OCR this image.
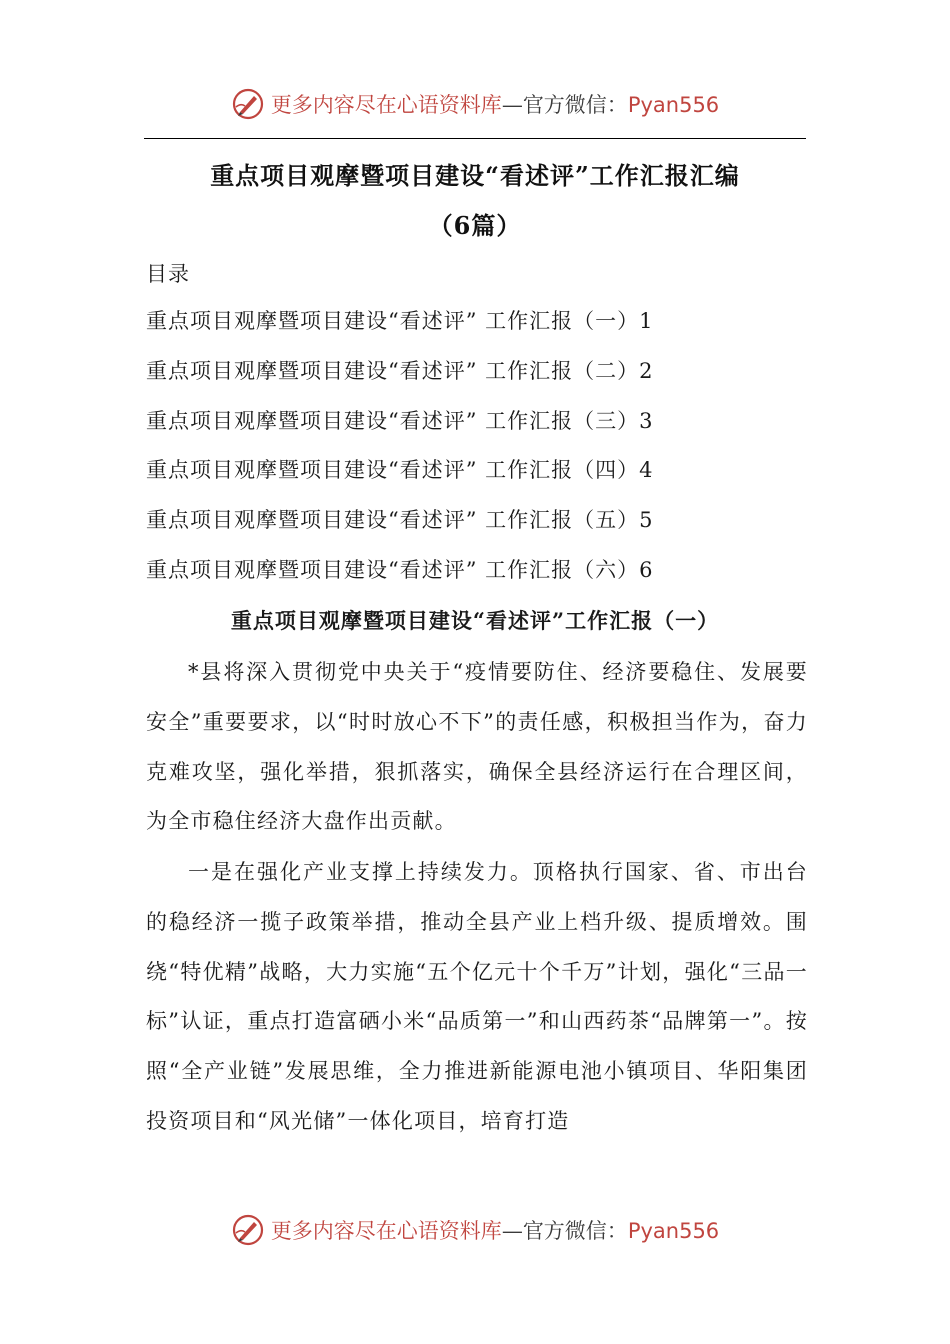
更多内容尽在心语资料库—官方微信：Pyan556
重点项目观摩暨项目建设“看述评”工作汇报汇编
（6篇）
目录
重点项目观摩暨项目建设“看述评” 工作汇报（一）1
重点项目观摩暨项目建设“看述评” 工作汇报（二）2
重点项目观摩暨项目建设“看述评” 工作汇报（三）3
重点项目观摩暨项目建设“看述评” 工作汇报（四）4
重点项目观摩暨项目建设“看述评” 工作汇报（五）5
重点项目观摩暨项目建设“看述评” 工作汇报（六）6
重点项目观摩暨项目建设“看述评”工作汇报（一）

*县将深入贯彻党中央关于“疫情要防住、经济要稳住、发展要安全”重要要求，以“时时放心不下”的责任感，积极担当作为，奋力克难攻坚，强化举措，狠抓落实，确保全县经济运行在合理区间，为全市稳住经济大盘作出贡献。

一是在强化产业支撑上持续发力。顶格执行国家、省、市出台的稳经济一揽子政策举措，推动全县产业上档升级、提质增效。围绕“特优精”战略，大力实施“五个亿元十个千万”计划，强化“三品一标”认证，重点打造富硒小米“品质第一”和山西药茶“品牌第一”。按照“全产业链”发展思维，全力推进新能源电池小镇项目、华阳集团投资项目和“风光储”一体化项目，培育打造

更多内容尽在心语资料库—官方微信：Pyan556
